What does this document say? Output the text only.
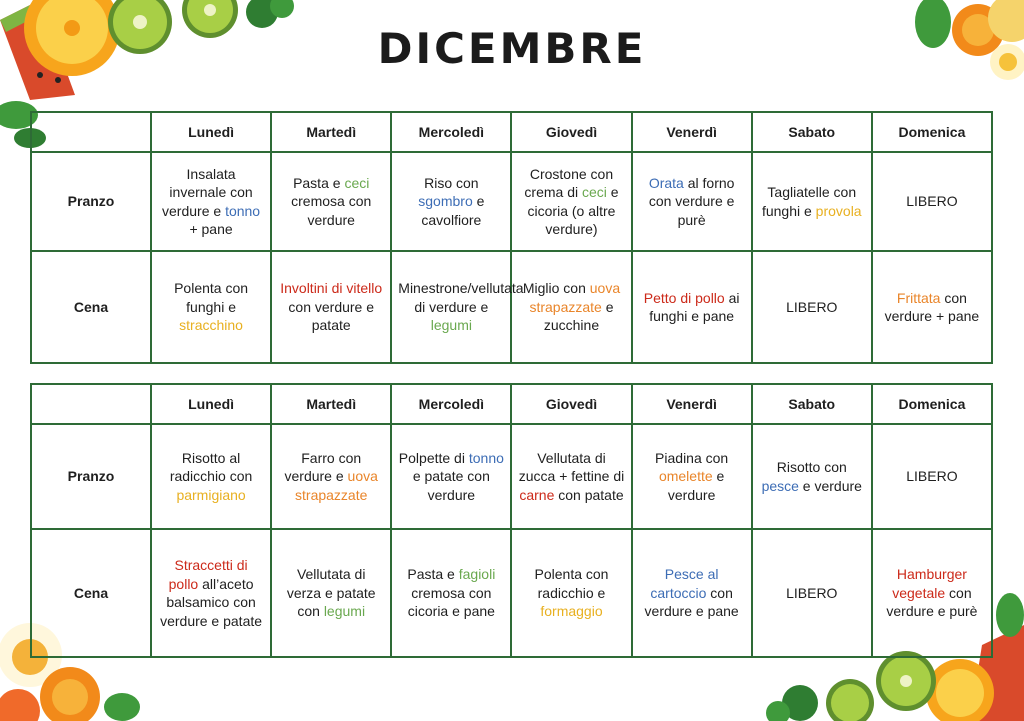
DICEMBRE
	Lunedì	Martedì	Mercoledì	Giovedì	Venerdì	Sabato	Domenica
Pranzo	Insalata invernale con verdure e tonno + pane	Pasta e ceci cremosa con verdure	Riso con sgombro e cavolfiore	Crostone con crema di ceci e cicoria (o altre verdure)	Orata al forno con verdure e purè	Tagliatelle con funghi e provola	LIBERO
Cena	Polenta con funghi e stracchino	Involtini di vitello con verdure e patate	Minestrone/vellutata di verdure e legumi	Miglio con uova strapazzate e zucchine	Petto di pollo ai funghi e pane	LIBERO	Frittata con verdure + pane
	Lunedì	Martedì	Mercoledì	Giovedì	Venerdì	Sabato	Domenica
Pranzo	Risotto al radicchio con parmigiano	Farro con verdure e uova strapazzate	Polpette di tonno e patate con verdure	Vellutata di zucca + fettine di carne con patate	Piadina con omelette e verdure	Risotto con pesce e verdure	LIBERO
Cena	Straccetti di pollo all’aceto balsamico con verdure e patate	Vellutata di verza e patate con legumi	Pasta e fagioli cremosa con cicoria e pane	Polenta con radicchio e formaggio	Pesce al cartoccio con verdure e pane	LIBERO	Hamburger vegetale con verdure e purè
